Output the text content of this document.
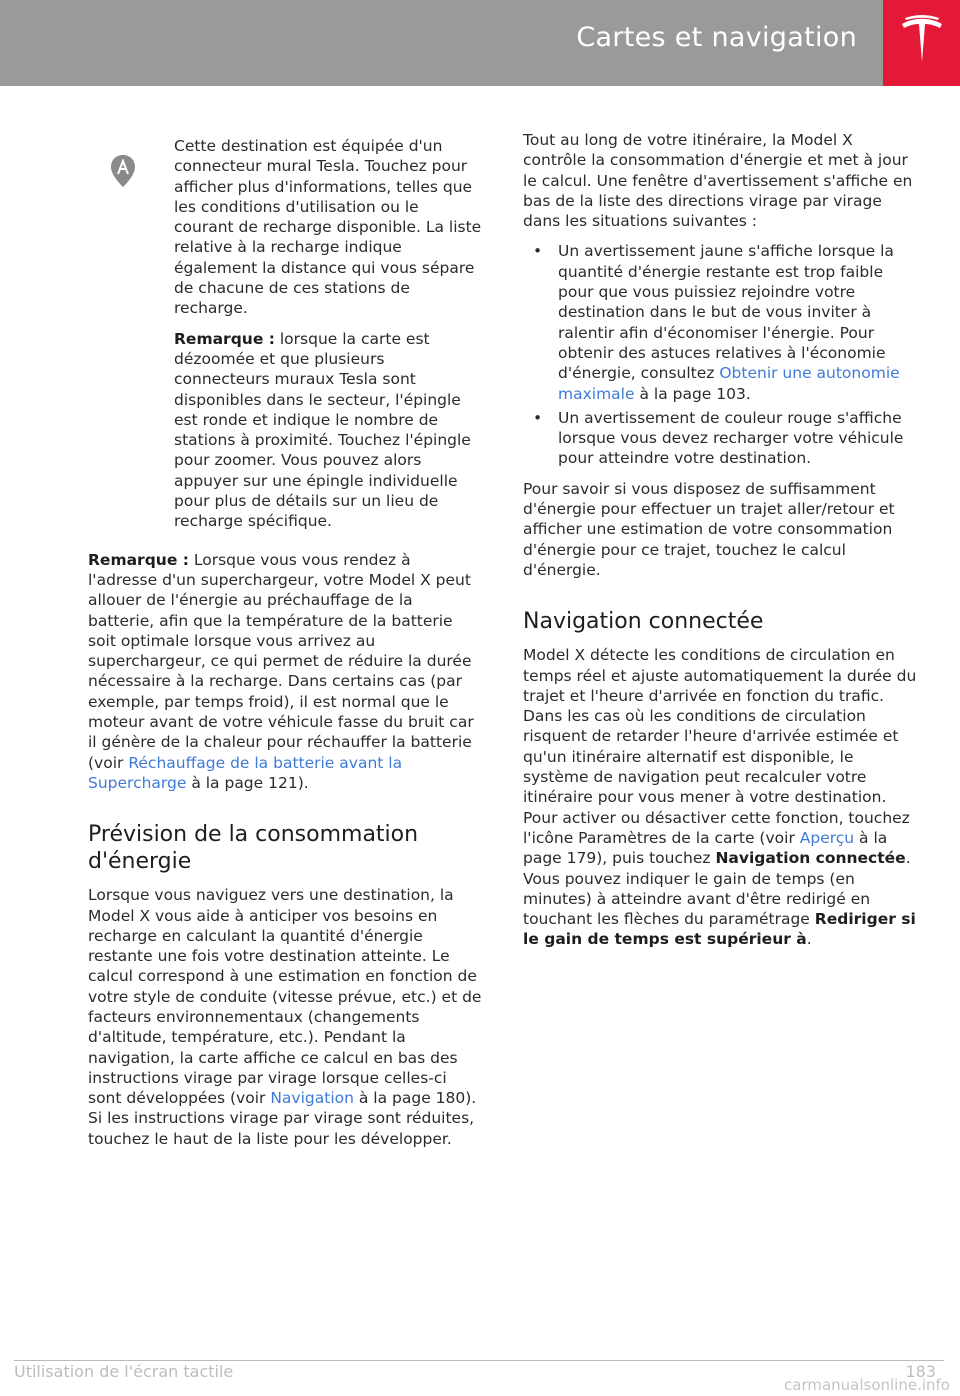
Cartes et navigation

Cette destination est équipée d'un connecteur mural Tesla. Touchez pour afficher plus d'informations, telles que les conditions d'utilisation ou le courant de recharge disponible. La liste relative à la recharge indique également la distance qui vous sépare de chacune de ces stations de recharge.

Remarque : lorsque la carte est dézoomée et que plusieurs connecteurs muraux Tesla sont disponibles dans le secteur, l'épingle est ronde et indique le nombre de stations à proximité. Touchez l'épingle pour zoomer. Vous pouvez alors appuyer sur une épingle individuelle pour plus de détails sur un lieu de recharge spécifique.

Remarque : Lorsque vous vous rendez à l'adresse d'un superchargeur, votre Model X peut allouer de l'énergie au préchauffage de la batterie, afin que la température de la batterie soit optimale lorsque vous arrivez au superchargeur, ce qui permet de réduire la durée nécessaire à la recharge. Dans certains cas (par exemple, par temps froid), il est normal que le moteur avant de votre véhicule fasse du bruit car il génère de la chaleur pour réchauffer la batterie (voir Réchauffage de la batterie avant la Supercharge à la page 121).

Prévision de la consommation d'énergie

Lorsque vous naviguez vers une destination, la Model X vous aide à anticiper vos besoins en recharge en calculant la quantité d'énergie restante une fois votre destination atteinte. Le calcul correspond à une estimation en fonction de votre style de conduite (vitesse prévue, etc.) et de facteurs environnementaux (changements d'altitude, température, etc.). Pendant la navigation, la carte affiche ce calcul en bas des instructions virage par virage lorsque celles-ci sont développées (voir Navigation à la page 180). Si les instructions virage par virage sont réduites, touchez le haut de la liste pour les développer.

Tout au long de votre itinéraire, la Model X contrôle la consommation d'énergie et met à jour le calcul. Une fenêtre d'avertissement s'affiche en bas de la liste des directions virage par virage dans les situations suivantes :

• Un avertissement jaune s'affiche lorsque la quantité d'énergie restante est trop faible pour que vous puissiez rejoindre votre destination dans le but de vous inviter à ralentir afin d'économiser l'énergie. Pour obtenir des astuces relatives à l'économie d'énergie, consultez Obtenir une autonomie maximale à la page 103.
• Un avertissement de couleur rouge s'affiche lorsque vous devez recharger votre véhicule pour atteindre votre destination.

Pour savoir si vous disposez de suffisamment d'énergie pour effectuer un trajet aller/retour et afficher une estimation de votre consommation d'énergie pour ce trajet, touchez le calcul d'énergie.

Navigation connectée

Model X détecte les conditions de circulation en temps réel et ajuste automatiquement la durée du trajet et l'heure d'arrivée en fonction du trafic. Dans les cas où les conditions de circulation risquent de retarder l'heure d'arrivée estimée et qu'un itinéraire alternatif est disponible, le système de navigation peut recalculer votre itinéraire pour vous mener à votre destination. Pour activer ou désactiver cette fonction, touchez l'icône Paramètres de la carte (voir Aperçu à la page 179), puis touchez Navigation connectée. Vous pouvez indiquer le gain de temps (en minutes) à atteindre avant d'être redirigé en touchant les flèches du paramétrage Rediriger si le gain de temps est supérieur à.

Utilisation de l'écran tactile	183
carmanualsonline.info
